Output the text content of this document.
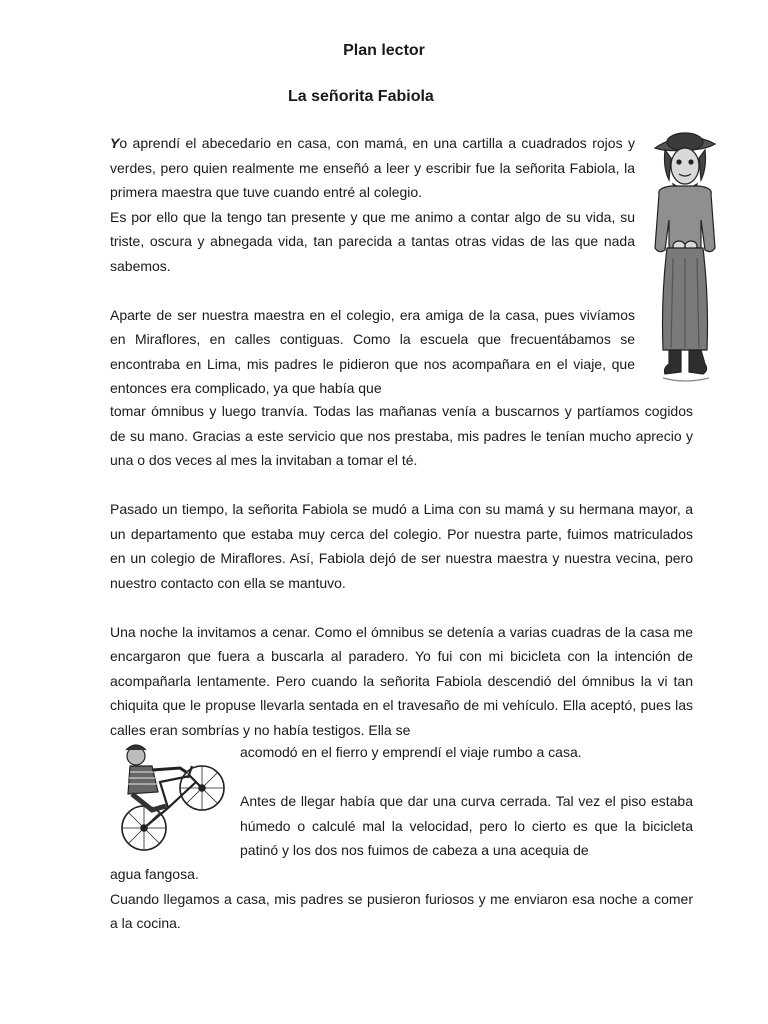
Plan lector
La señorita Fabiola

Yo aprendí el abecedario en casa, con mamá, en una cartilla a cuadrados rojos y verdes, pero quien realmente me enseñó a leer y escribir fue la señorita Fabiola, la primera maestra que tuve cuando entré al colegio.

Es por ello que la tengo tan presente y que me animo a contar algo de su vida, su triste, oscura y abnegada vida, tan parecida a tantas otras vidas de las que nada sabemos.

Aparte de ser nuestra maestra en el colegio, era amiga de la casa, pues vivíamos en Miraflores, en calles contiguas. Como la escuela que frecuentábamos se encontraba en Lima, mis padres le pidieron que nos acompañara en el viaje, que entonces era complicado, ya que había que

tomar ómnibus y luego tranvía. Todas las mañanas venía a buscarnos y partíamos cogidos de su mano. Gracias a este servicio que nos prestaba, mis padres le tenían mucho aprecio y una o dos veces al mes la invitaban a tomar el té.

Pasado un tiempo, la señorita Fabiola se mudó a Lima con su mamá y su hermana mayor, a un departamento que estaba muy cerca del colegio. Por nuestra parte, fuimos matriculados en un colegio de Miraflores. Así, Fabiola dejó de ser nuestra maestra y nuestra vecina, pero nuestro contacto con ella se mantuvo.

Una noche la invitamos a cenar. Como el ómnibus se detenía a varias cuadras de la casa me encargaron que fuera a buscarla al paradero. Yo fui con mi bicicleta con la intención de acompañarla lentamente. Pero cuando la señorita Fabiola descendió del ómnibus la vi tan chiquita que le propuse llevarla sentada en el travesaño de mi vehículo. Ella aceptó, pues las calles eran sombrías y no había testigos. Ella se

acomodó en el fierro y emprendí el viaje rumbo a casa.

Antes de llegar había que dar una curva cerrada. Tal vez el piso estaba húmedo o calculé mal la velocidad, pero lo cierto es que la bicicleta patinó y los dos nos fuimos de cabeza a una acequia de

agua fangosa.

Cuando llegamos a casa, mis padres se pusieron furiosos y me enviaron esa noche a comer a la cocina.
